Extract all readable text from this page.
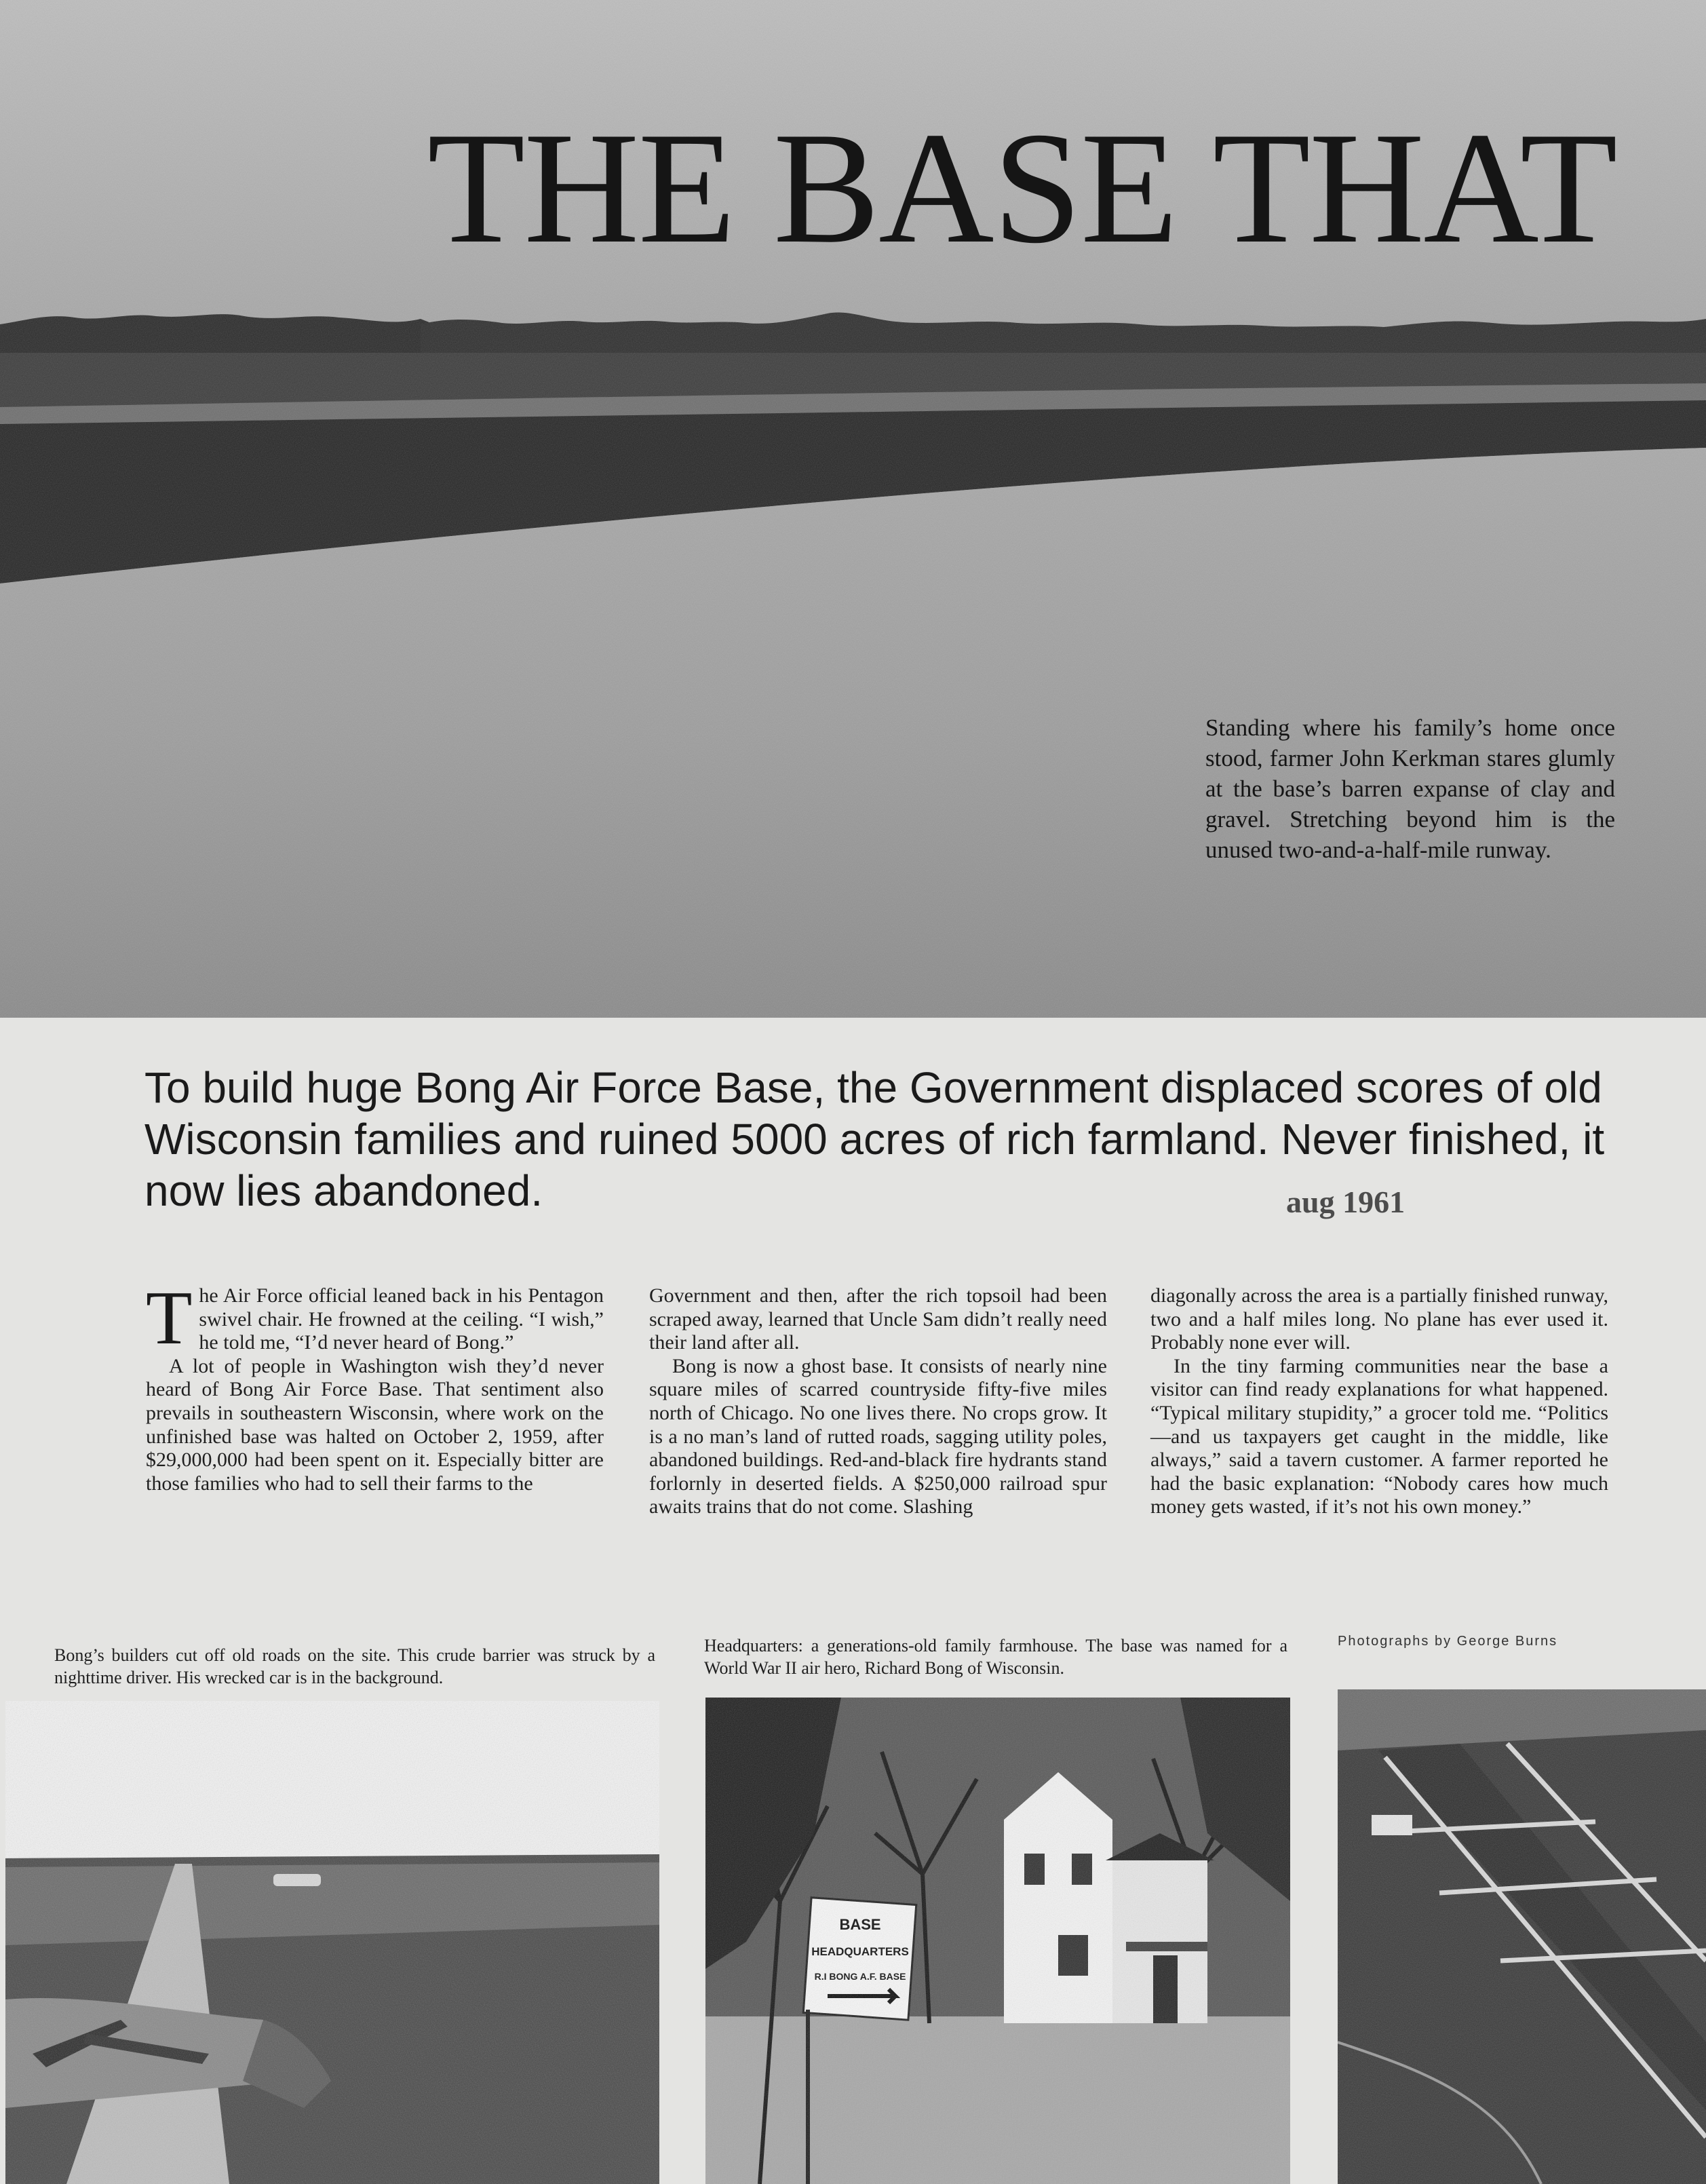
THE BASE THAT
Standing where his family’s home once stood, farmer John Kerkman stares glumly at the base’s barren expanse of clay and gravel. Stretching beyond him is the unused two-and-a-half-mile runway.
To build huge Bong Air Force Base, the Government displaced scores of old Wisconsin families and ruined 5000 acres of rich farmland. Never finished, it now lies abandoned.	aug 1961

The Air Force official leaned back in his Pentagon swivel chair. He frowned at the ceiling. “I wish,” he told me, “I’d never heard of Bong.”

A lot of people in Washington wish they’d never heard of Bong Air Force Base. That sentiment also prevails in southeastern Wisconsin, where work on the unfinished base was halted on October 2, 1959, after $29,000,000 had been spent on it. Especially bitter are those families who had to sell their farms to the

Government and then, after the rich topsoil had been scraped away, learned that Uncle Sam didn’t really need their land after all.

Bong is now a ghost base. It consists of nearly nine square miles of scarred countryside fifty-five miles north of Chicago. No one lives there. No crops grow. It is a no man’s land of rutted roads, sagging utility poles, abandoned buildings. Red-and-black fire hydrants stand forlornly in deserted fields. A $250,000 railroad spur awaits trains that do not come. Slashing

diagonally across the area is a partially finished runway, two and a half miles long. No plane has ever used it. Probably none ever will.

In the tiny farming communities near the base a visitor can find ready explanations for what happened. “Typical military stupidity,” a grocer told me. “Politics—and us taxpayers get caught in the middle, like always,” said a tavern customer. A farmer reported he had the basic explanation: “Nobody cares how much money gets wasted, if it’s not his own money.”

Bong’s builders cut off old roads on the site. This crude barrier was struck by a nighttime driver. His wrecked car is in the background.
Headquarters: a generations-old family farmhouse. The base was named for a World War II air hero, Richard Bong of Wisconsin.
Photographs by George Burns
